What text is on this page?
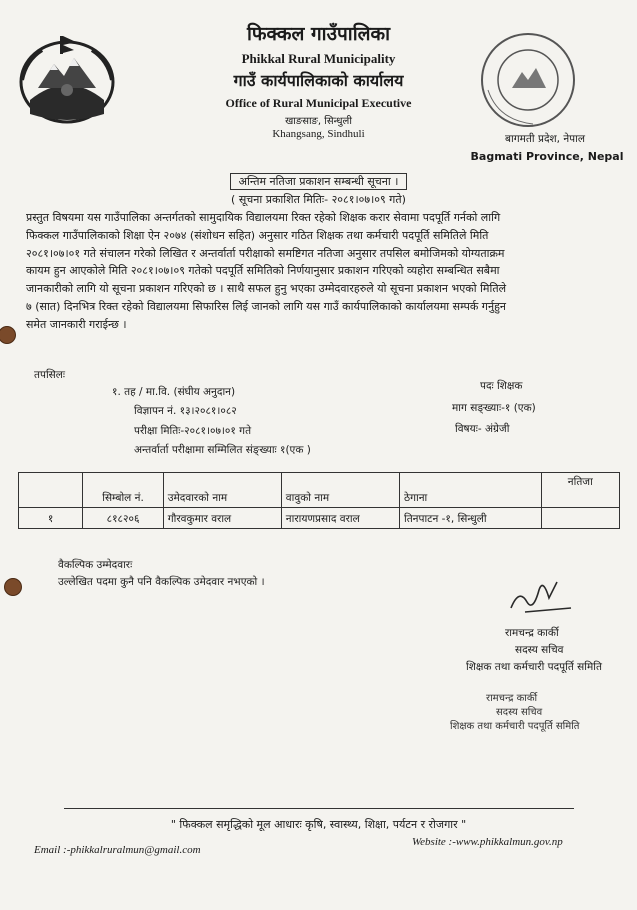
फिक्कल गाउँपालिका
Phikkal Rural Municipality
गाउँ कार्यपालिकाको कार्यालय
Office of Rural Municipal Executive
खाङसाङ, सिन्धुली
Khangsang, Sindhuli	बागमती प्रदेश, नेपाल
Bagmati Province, Nepal
अन्तिम नतिजा प्रकाशन सम्बन्धी सूचना ।
( सूचना प्रकाशित मितिः- २०८१।०७।०९ गते)
प्रस्तुत विषयमा यस गाउँपालिका अन्तर्गतको सामुदायिक विद्यालयमा रिक्त रहेको शिक्षक करार सेवामा पदपूर्ति गर्नको लागि
फिक्कल गाउँपालिकाको शिक्षा ऐन २०७४ (संशोधन सहित) अनुसार गठित शिक्षक तथा कर्मचारी पदपूर्ति समितिले मिति
२०८१।०७।०१ गते संचालन गरेको लिखित र अन्तर्वार्ता परीक्षाको समष्टिगत नतिजा अनुसार तपसिल बमोजिमको योग्यताक्रम
कायम हुन आएकोले मिति २०८१।०७।०९ गतेको पदपूर्ति समितिको निर्णयानुसार प्रकाशन गरिएको व्यहोरा सम्बन्धित सबैमा
जानकारीको लागि यो सूचना प्रकाशन गरिएको छ । साथै सफल हुनु भएका उम्मेदवारहरुले यो सूचना प्रकाशन भएको मितिले
७ (सात) दिनभित्र रिक्त रहेको विद्यालयमा सिफारिस लिई जानको लागि यस गाउँ कार्यपालिकाको कार्यालयमा सम्पर्क गर्नुहुन
समेत जानकारी गराईन्छ ।
तपसिलः
१. तह / मा.वि. (संघीय अनुदान)
विज्ञापन नं. १३।२०८१।०८२
परीक्षा मितिः-२०८१।०७।०१ गते
अन्तर्वार्ता परीक्षामा सम्मिलित संङ्ख्याः १(एक )
पदः शिक्षक
माग सङ्ख्याः-१ (एक)
विषयः- अंग्रेजी
	सिम्बोल नं.	उमेदवारको नाम	वावुको नाम	ठेगाना	नतिजा
१	८१८२०६	गौरवकुमार वराल	नारायणप्रसाद वराल	तिनपाटन -१, सिन्धुली	
वैकल्पिक उम्मेदवारः
उल्लेखित पदमा कुनै पनि वैकल्पिक उमेदवार नभएको ।
रामचन्द्र कार्की
सदस्य सचिव
शिक्षक तथा कर्मचारी पदपूर्ति समिति
रामचन्द्र कार्की
सदस्य सचिव
शिक्षक तथा कर्मचारी पदपूर्ति समिति
" फिक्कल समृद्धिको मूल आधारः कृषि, स्वास्थ्य, शिक्षा, पर्यटन र रोजगार "
Email :-phikkalruralmun@gmail.com
Website :-www.phikkalmun.gov.np
